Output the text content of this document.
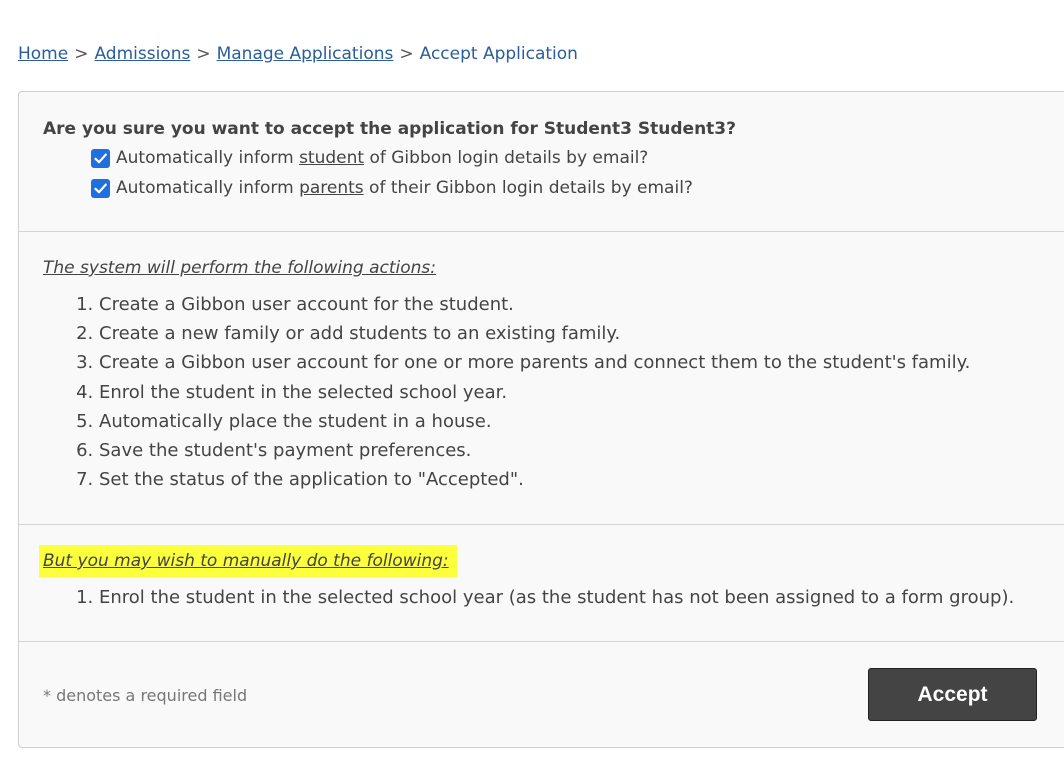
Home > Admissions > Manage Applications > Accept Application
Are you sure you want to accept the application for Student3 Student3?
Automatically inform student of Gibbon login details by email?
Automatically inform parents of their Gibbon login details by email?
The system will perform the following actions:
1. Create a Gibbon user account for the student.
2. Create a new family or add students to an existing family.
3. Create a Gibbon user account for one or more parents and connect them to the student's family.
4. Enrol the student in the selected school year.
5. Automatically place the student in a house.
6. Save the student's payment preferences.
7. Set the status of the application to "Accepted".
But you may wish to manually do the following:
1. Enrol the student in the selected school year (as the student has not been assigned to a form group).
* denotes a required field	Accept
